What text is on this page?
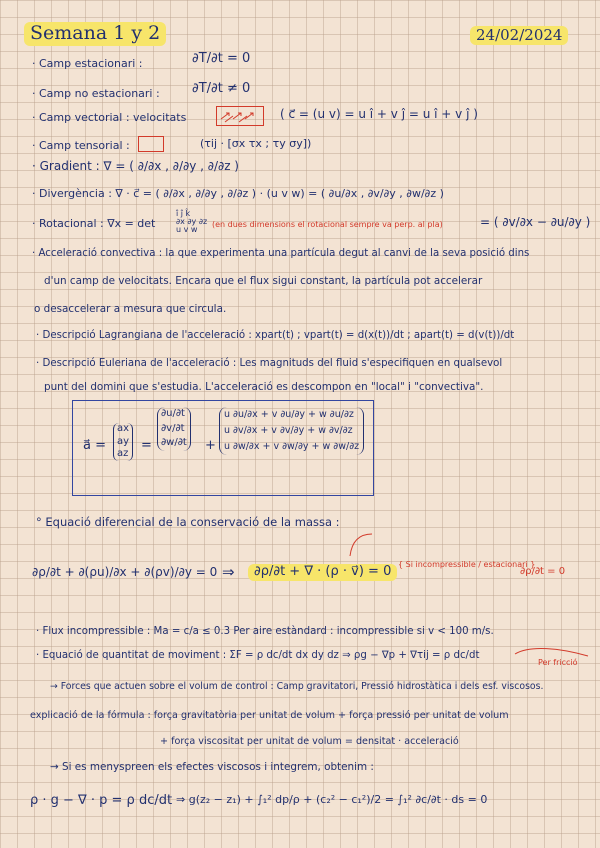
Semana 1 y 2	24/02/2024
· Camp estacionari :	∂T/∂t = 0
· Camp no estacionari : ∂T/∂t ≠ 0
· Camp vectorial : velocitats	( c⃗ = (u v) = u î + v ĵ = u î + v ĵ )
· Camp tensorial :	(τij · [σx τx ; τy σy])
· Gradient : ∇ = ( ∂/∂x , ∂/∂y , ∂/∂z )
· Divergència : ∇ · c⃗ = ( ∂/∂x , ∂/∂y , ∂/∂z ) · (u v w) = ( ∂u/∂x , ∂v/∂y , ∂w/∂z )
· Rotacional : ∇x = det
î ĵ k̂
∂x ∂y ∂z
u v w
(en dues dimensions el rotacional sempre va perp. al pla)	= ( ∂v/∂x − ∂u/∂y )
· Acceleració convectiva : la que experimenta una partícula degut al canvi de la seva posició dins
d'un camp de velocitats. Encara que el flux sigui constant, la partícula pot accelerar
o desaccelerar a mesura que circula.
· Descripció Lagrangiana de l'acceleració : xpart(t) ; vpart(t) = d(x(t))/dt ; apart(t) = d(v(t))/dt
· Descripció Euleriana de l'acceleració : Les magnituds del fluid s'especifiquen en qualsevol
punt del domini que s'estudia. L'acceleració es descompon en "local" i "convectiva".
a⃗ =
ax
ay
az
=
∂u/∂t
∂v/∂t
∂w/∂t	+
u ∂u/∂x + v ∂u/∂y + w ∂u/∂z
u ∂v/∂x + v ∂v/∂y + w ∂v/∂z
u ∂w/∂x + v ∂w/∂y + w ∂w/∂z
° Equació diferencial de la conservació de la massa :
∂ρ/∂t + ∂(ρu)/∂x + ∂(ρv)/∂y = 0 ⇒	∂ρ/∂t + ∇ · (ρ · v⃗) = 0 { Si incompressible / estacionari }
∂ρ/∂t = 0
· Flux incompressible : Ma = c/a ≤ 0.3 Per aire estàndard : incompressible si v < 100 m/s.
· Equació de quantitat de moviment : ΣF = ρ dc/dt dx dy dz ⇒ ρg − ∇p + ∇τij = ρ dc/dt
Per fricció
→ Forces que actuen sobre el volum de control : Camp gravitatori, Pressió hidrostàtica i dels esf. viscosos.
explicació de la fórmula : força gravitatòria per unitat de volum + força pressió per unitat de volum
+ força viscositat per unitat de volum = densitat · acceleració
→ Si es menyspreen els efectes viscosos i integrem, obtenim :
ρ · g − ∇ · p = ρ dc/dt ⇒ g(z₂ − z₁) + ∫₁² dp/ρ + (c₂² − c₁²)/2 = ∫₁² ∂c/∂t · ds = 0
